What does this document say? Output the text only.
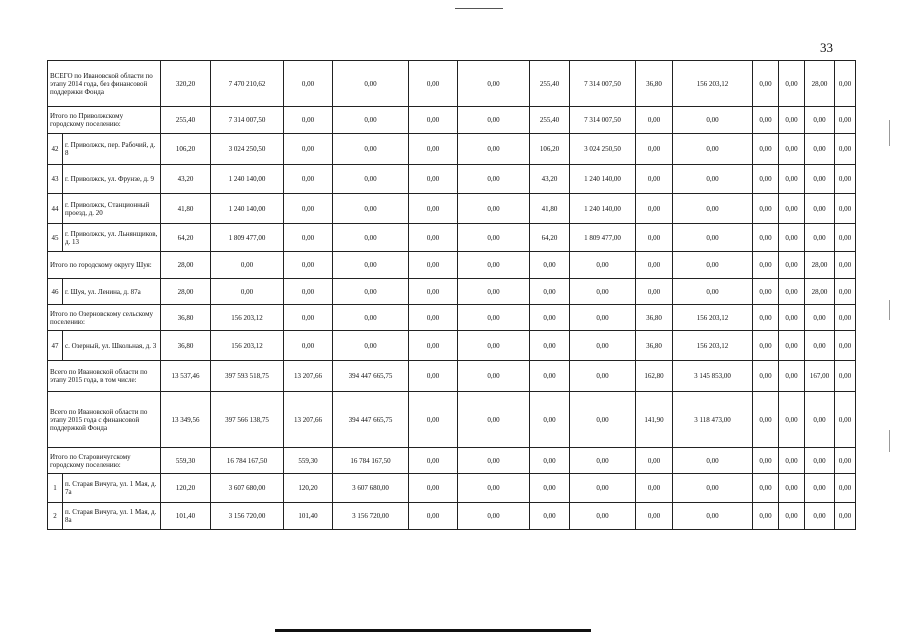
33
ВСЕГО по Ивановской области по этапу 2014 года, без финансовой поддержки Фонда		320,20	7 470 210,62	0,00	0,00	0,00	0,00	255,40	7 314 007,50	36,80	156 203,12	0,00	0,00	28,00	0,00
Итого по Приволжскому городскому поселению:		255,40	7 314 007,50	0,00	0,00	0,00	0,00	255,40	7 314 007,50	0,00	0,00	0,00	0,00	0,00	0,00
42	г. Приволжск, пер. Рабочий, д. 8	106,20	3 024 250,50	0,00	0,00	0,00	0,00	106,20	3 024 250,50	0,00	0,00	0,00	0,00	0,00	0,00
43	г. Приволжск, ул. Фрунзе, д. 9	43,20	1 240 140,00	0,00	0,00	0,00	0,00	43,20	1 240 140,00	0,00	0,00	0,00	0,00	0,00	0,00
44	г. Приволжск, Станционный проезд, д. 20	41,80	1 240 140,00	0,00	0,00	0,00	0,00	41,80	1 240 140,00	0,00	0,00	0,00	0,00	0,00	0,00
45	г. Приволжск, ул. Льнянщиков, д. 13	64,20	1 809 477,00	0,00	0,00	0,00	0,00	64,20	1 809 477,00	0,00	0,00	0,00	0,00	0,00	0,00
Итого по городскому округу Шуя:		28,00	0,00	0,00	0,00	0,00	0,00	0,00	0,00	0,00	0,00	0,00	0,00	28,00	0,00
46	г. Шуя, ул. Ленина, д. 87а	28,00	0,00	0,00	0,00	0,00	0,00	0,00	0,00	0,00	0,00	0,00	0,00	28,00	0,00
Итого по Озерновскому сельскому поселению:		36,80	156 203,12	0,00	0,00	0,00	0,00	0,00	0,00	36,80	156 203,12	0,00	0,00	0,00	0,00
47	с. Озерный, ул. Школьная, д. 3	36,80	156 203,12	0,00	0,00	0,00	0,00	0,00	0,00	36,80	156 203,12	0,00	0,00	0,00	0,00
Всего по Ивановской области по этапу 2015 года, в том числе:		13 537,46	397 593 518,75	13 207,66	394 447 665,75	0,00	0,00	0,00	0,00	162,80	3 145 853,00	0,00	0,00	167,00	0,00
Всего по Ивановской области по этапу 2015 года с финансовой поддержкой Фонда		13 349,56	397 566 138,75	13 207,66	394 447 665,75	0,00	0,00	0,00	0,00	141,90	3 118 473,00	0,00	0,00	0,00	0,00
Итого по Старовичугскому городскому поселению:		559,30	16 784 167,50	559,30	16 784 167,50	0,00	0,00	0,00	0,00	0,00	0,00	0,00	0,00	0,00	0,00
1	п. Старая Вичуга, ул. 1 Мая, д. 7а	120,20	3 607 680,00	120,20	3 607 680,00	0,00	0,00	0,00	0,00	0,00	0,00	0,00	0,00	0,00	0,00
2	п. Старая Вичуга, ул. 1 Мая, д. 8а	101,40	3 156 720,00	101,40	3 156 720,00	0,00	0,00	0,00	0,00	0,00	0,00	0,00	0,00	0,00	0,00
